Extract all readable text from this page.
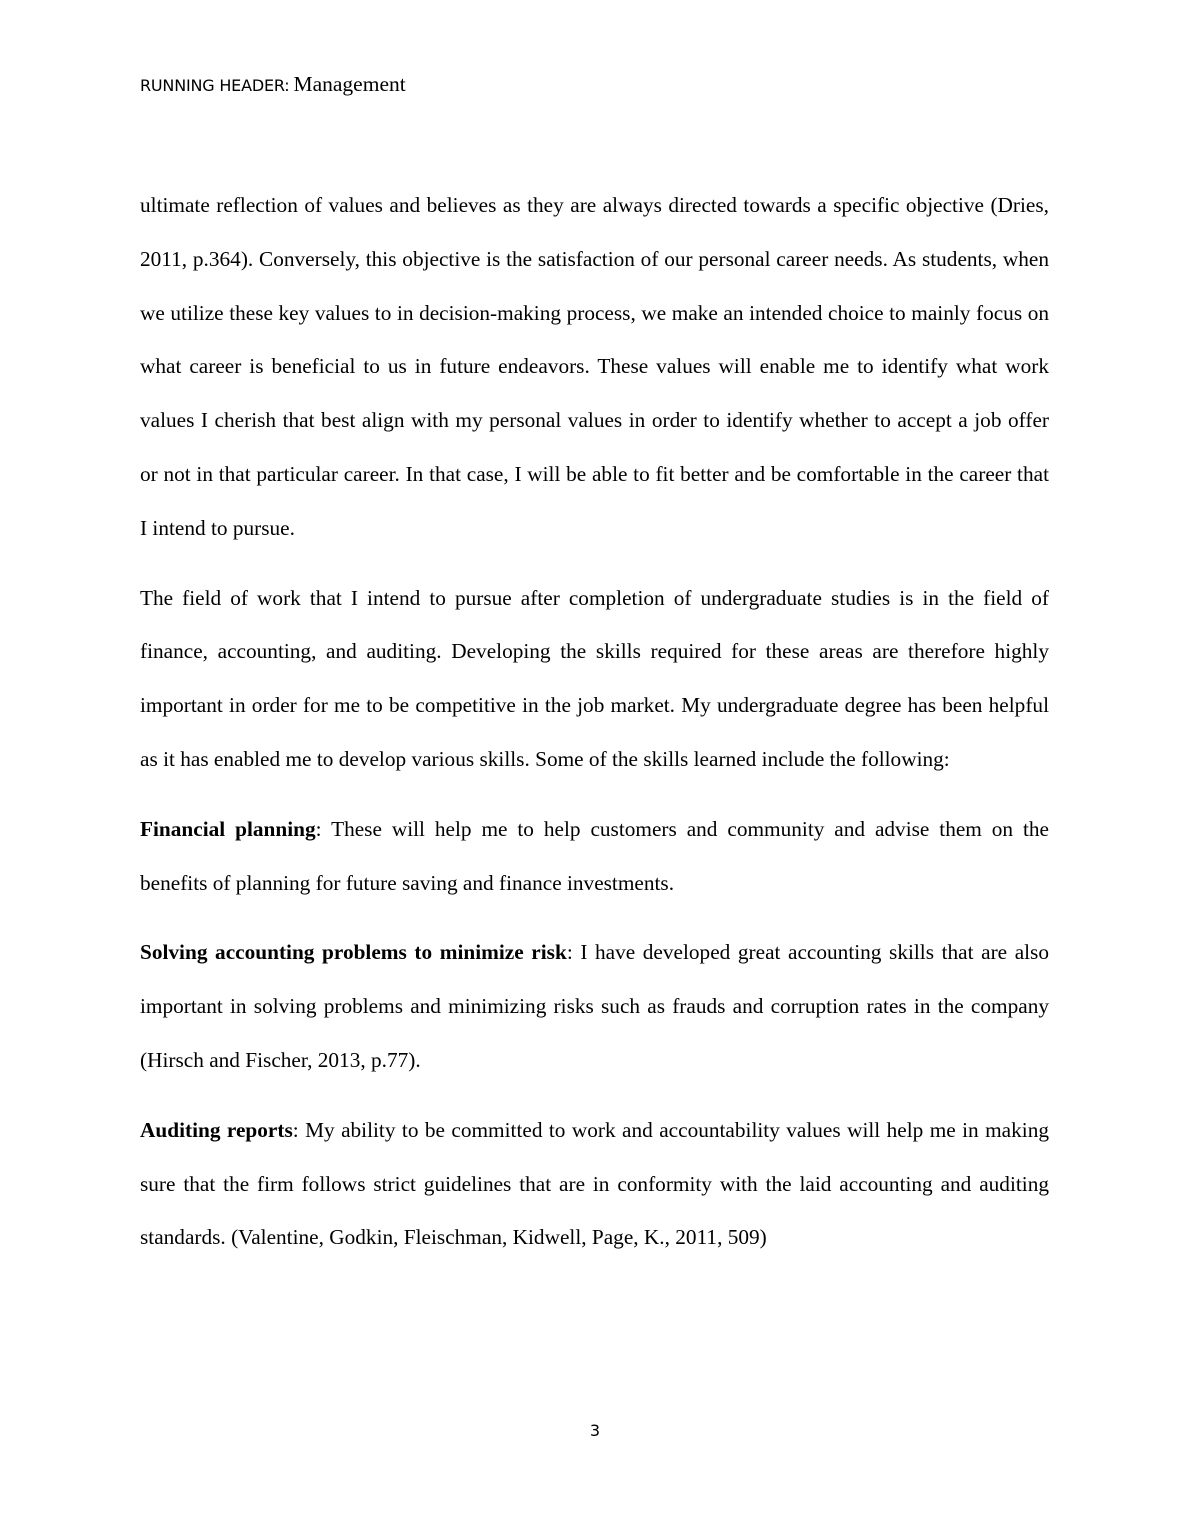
RUNNING HEADER: Management

ultimate reflection of values and believes as they are always directed towards a specific objective (Dries, 2011, p.364). Conversely, this objective is the satisfaction of our personal career needs. As students, when we utilize these key values to in decision-making process, we make an intended choice to mainly focus on what career is beneficial to us in future endeavors. These values will enable me to identify what work values I cherish that best align with my personal values in order to identify whether to accept a job offer or not in that particular career. In that case, I will be able to fit better and be comfortable in the career that I intend to pursue.

The field of work that I intend to pursue after completion of undergraduate studies is in the field of finance, accounting, and auditing. Developing the skills required for these areas are therefore highly important in order for me to be competitive in the job market. My undergraduate degree has been helpful as it has enabled me to develop various skills. Some of the skills learned include the following:

Financial planning: These will help me to help customers and community and advise them on the benefits of planning for future saving and finance investments.

Solving accounting problems to minimize risk: I have developed great accounting skills that are also important in solving problems and minimizing risks such as frauds and corruption rates in the company (Hirsch and Fischer, 2013, p.77).

Auditing reports: My ability to be committed to work and accountability values will help me in making sure that the firm follows strict guidelines that are in conformity with the laid accounting and auditing standards. (Valentine, Godkin, Fleischman, Kidwell, Page, K., 2011, 509)

3
